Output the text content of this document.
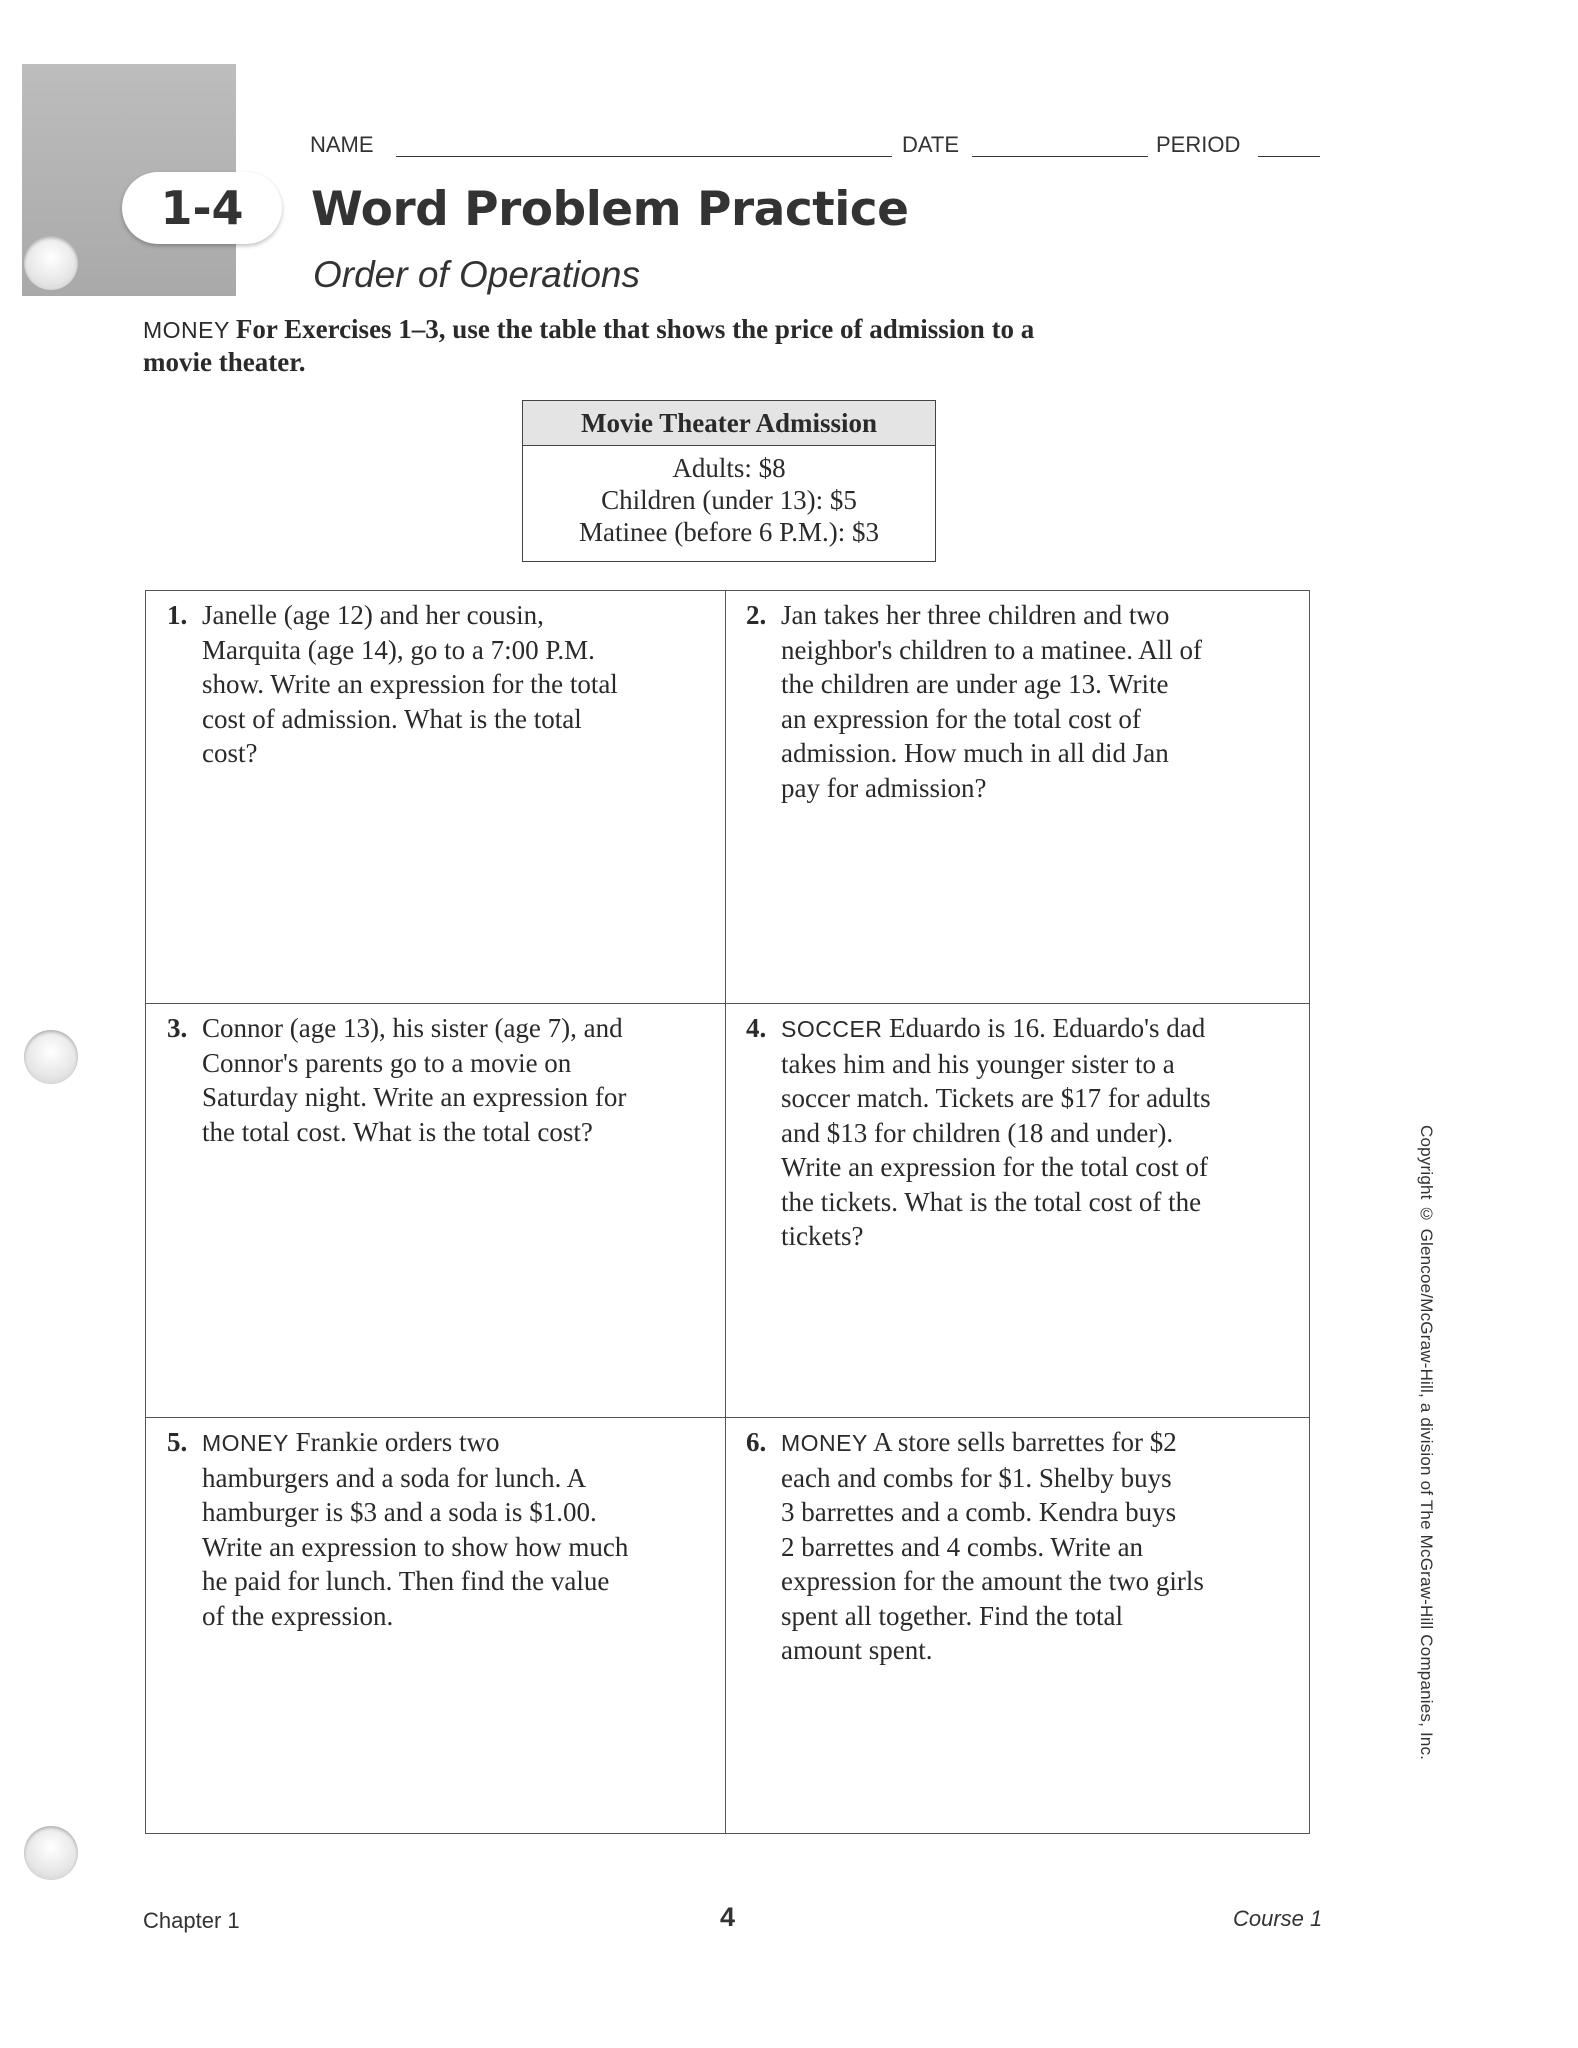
1-4
NAME	DATE	PERIOD
Word Problem Practice
Order of Operations
MONEY For Exercises 1–3, use the table that shows the price of admission to a movie theater.
Movie Theater Admission
Adults: $8
Children (under 13): $5
Matinee (before 6 P.M.): $3
1. Janelle (age 12) and her cousin,
Marquita (age 14), go to a 7:00 P.M.
show. Write an expression for the total
cost of admission. What is the total
cost?
2. Jan takes her three children and two
neighbor's children to a matinee. All of
the children are under age 13. Write
an expression for the total cost of
admission. How much in all did Jan
pay for admission?
3. Connor (age 13), his sister (age 7), and
Connor's parents go to a movie on
Saturday night. Write an expression for
the total cost. What is the total cost?
4. SOCCER Eduardo is 16. Eduardo's dad
takes him and his younger sister to a
soccer match. Tickets are $17 for adults
and $13 for children (18 and under).
Write an expression for the total cost of
the tickets. What is the total cost of the
tickets?
5. MONEY Frankie orders two
hamburgers and a soda for lunch. A
hamburger is $3 and a soda is $1.00.
Write an expression to show how much
he paid for lunch. Then find the value
of the expression.
6. MONEY A store sells barrettes for $2
each and combs for $1. Shelby buys
3 barrettes and a comb. Kendra buys
2 barrettes and 4 combs. Write an
expression for the amount the two girls
spent all together. Find the total
amount spent.	Copyright © Glencoe/McGraw-Hill, a division of The McGraw-Hill Companies, Inc.
Chapter 1	4	Course 1
